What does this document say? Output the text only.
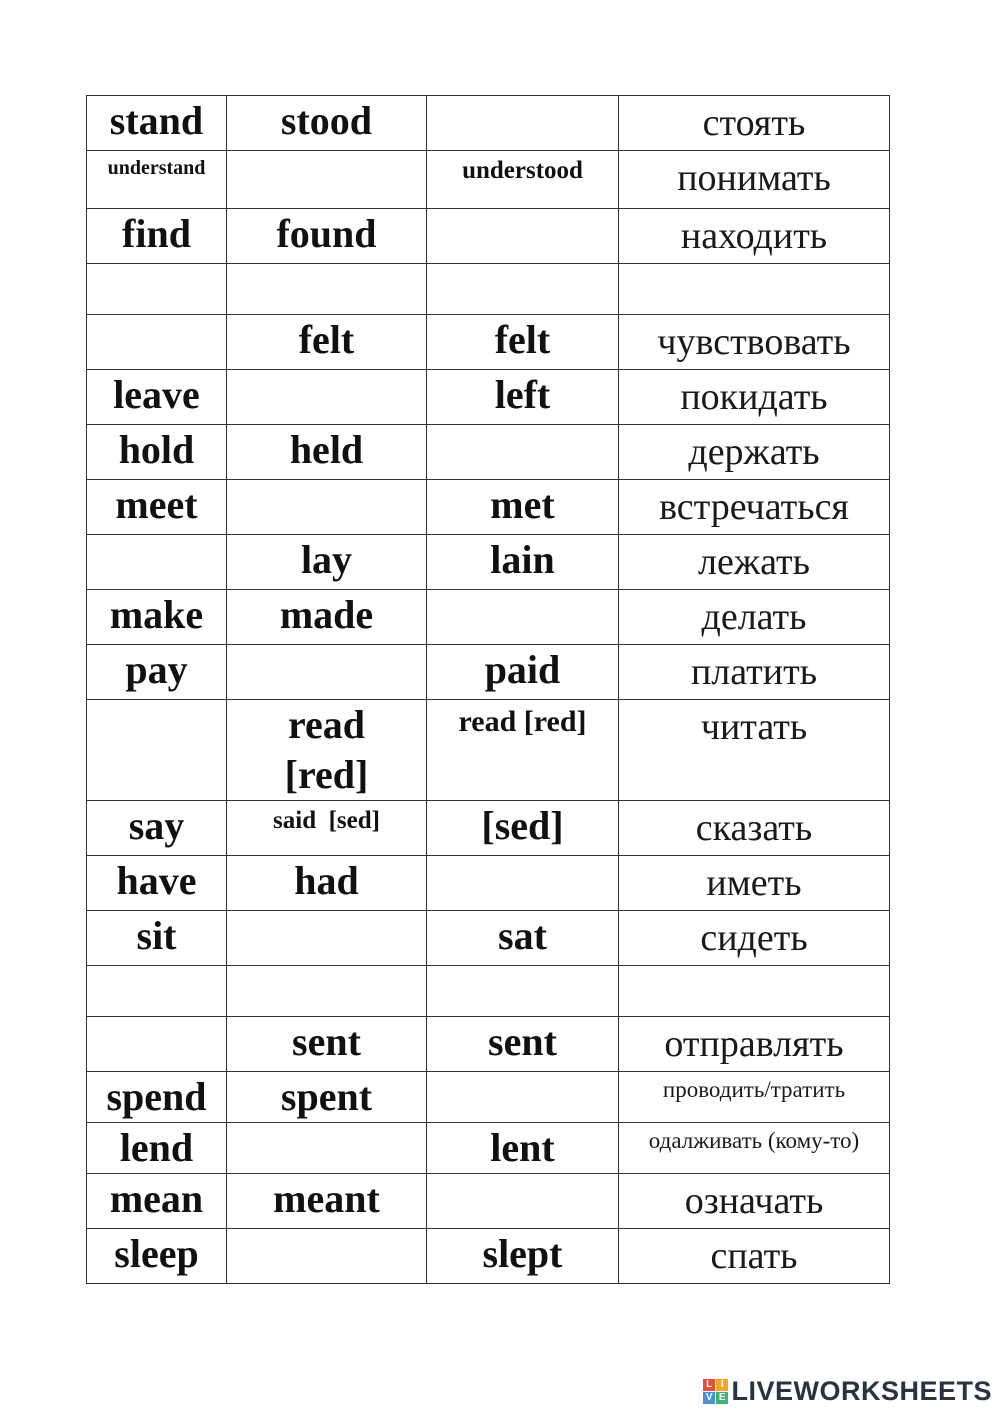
stand	stood		стоять

understand		understood	понимать

find	found		находить

	felt	felt	чувствовать

leave		left	покидать

hold	held		держать

meet		met	встречаться

	lay	lain	лежать

make	made		делать

pay		paid	платить

	read [red]	read [red]	читать

say	said  [sed]	[sed]	сказать

have	had		иметь

sit		sat	сидеть

	sent	sent	отправлять

spend	spent		проводить/тратить

lend		lent	одалживать (кому-то)

mean	meant		означать

sleep		slept	спать
L I
V E LIVEWORKSHEETS
